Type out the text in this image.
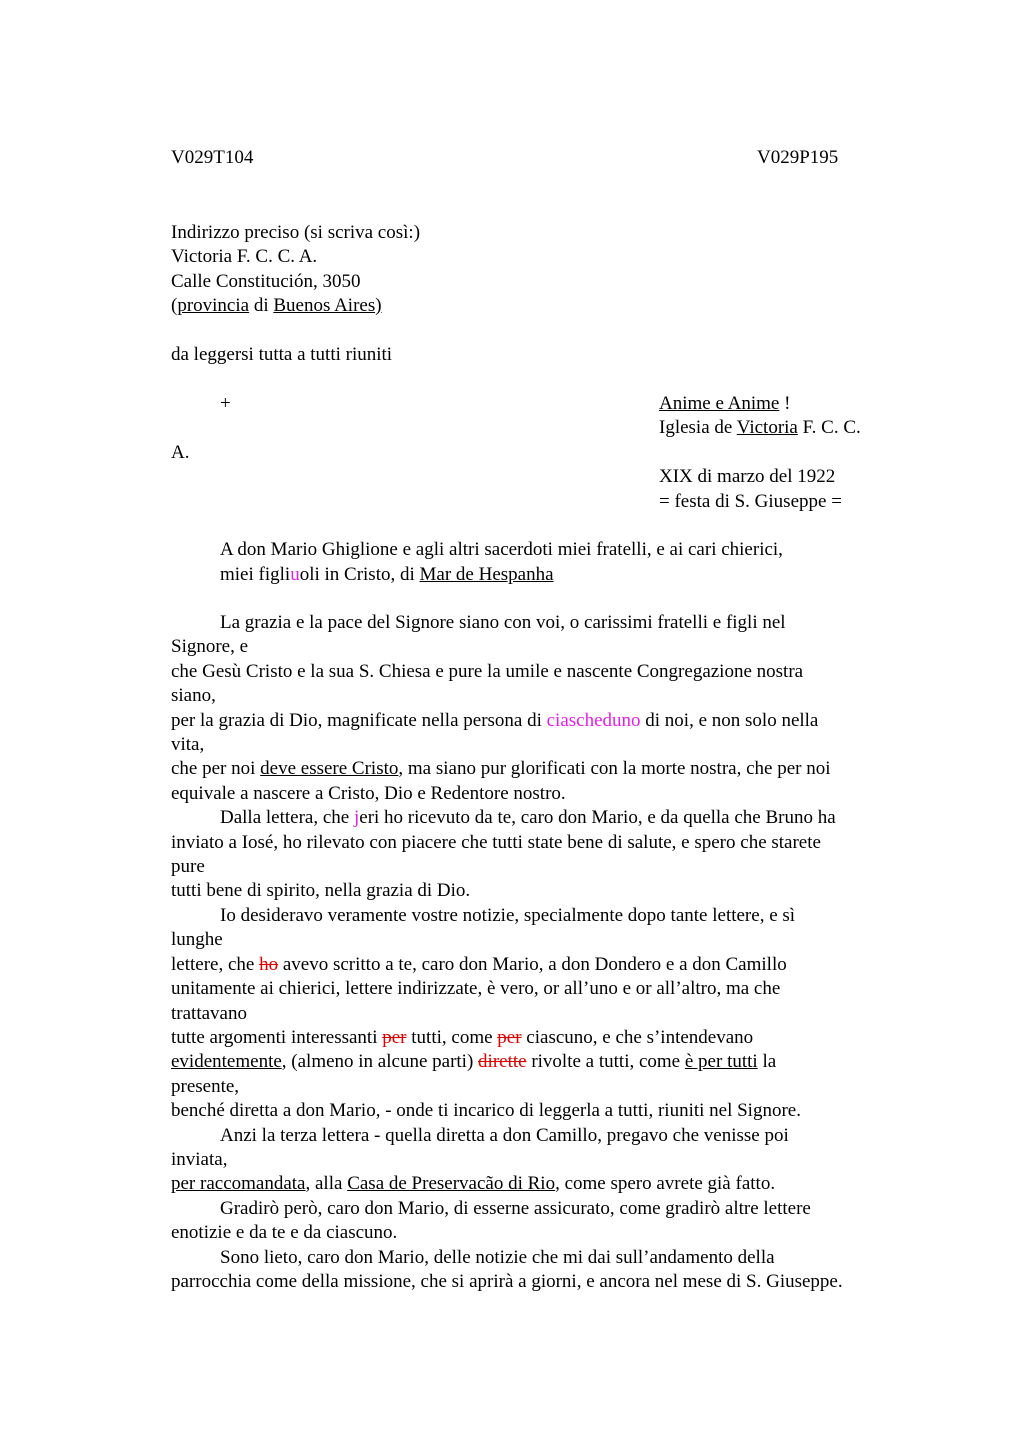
V029T104	V029P195
Indirizzo preciso (si scriva così:)
Victoria F. C. C. A.
Calle Constitución, 3050
(provincia di Buenos Aires)
da leggersi tutta a tutti riuniti
+
A.
Anime e Anime !
Iglesia de Victoria F. C. C.
XIX di marzo del 1922
= festa di S. Giuseppe =
A don Mario Ghiglione e agli altri sacerdoti miei fratelli, e ai cari chierici,
miei figliuoli in Cristo, di Mar de Hespanha
La grazia e la pace del Signore siano con voi, o carissimi fratelli e figli nel
Signore, e
che Gesù Cristo e la sua S. Chiesa e pure la umile e nascente Congregazione nostra
siano,
per la grazia di Dio, magnificate nella persona di ciascheduno di noi, e non solo nella
vita,
che per noi deve essere Cristo, ma siano pur glorificati con la morte nostra, che per noi
equivale a nascere a Cristo, Dio e Redentore nostro.
Dalla lettera, che jeri ho ricevuto da te, caro don Mario, e da quella che Bruno ha
inviato a Iosé, ho rilevato con piacere che tutti state bene di salute, e spero che starete
pure
tutti bene di spirito, nella grazia di Dio.
Io desideravo veramente vostre notizie, specialmente dopo tante lettere, e sì
lunghe
lettere, che ho avevo scritto a te, caro don Mario, a don Dondero e a don Camillo
unitamente ai chierici, lettere indirizzate, è vero, or all’uno e or all’altro, ma che
trattavano
tutte argomenti interessanti per tutti, come per ciascuno, e che s’intendevano
evidentemente, (almeno in alcune parti) dirette rivolte a tutti, come è per tutti la
presente,
benché diretta a don Mario, - onde ti incarico di leggerla a tutti, riuniti nel Signore.
Anzi la terza lettera - quella diretta a don Camillo, pregavo che venisse poi
inviata,
per raccomandata, alla Casa de Preservacão di Rio, come spero avrete già fatto.
Gradirò però, caro don Mario, di esserne assicurato, come gradirò altre lettere
enotizie e da te e da ciascuno.
Sono lieto, caro don Mario, delle notizie che mi dai sull’andamento della
parrocchia come della missione, che si aprirà a giorni, e ancora nel mese di S. Giuseppe.
